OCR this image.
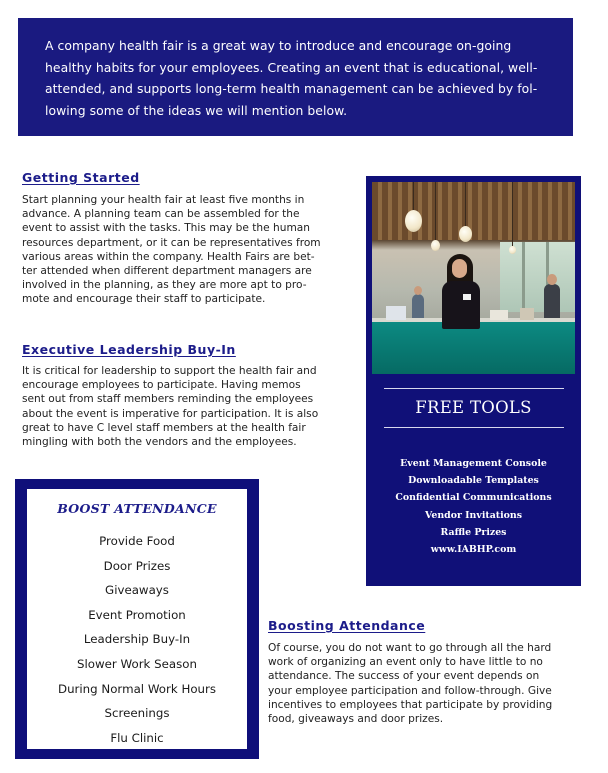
A company health fair is a great way to introduce and encourage on-going
healthy habits for your employees. Creating an event that is educational, well-
attended, and supports long-term health management can be achieved by fol-
lowing some of the ideas we will mention below.

Getting Started

Start planning your health fair at least five months in
advance. A planning team can be assembled for the
event to assist with the tasks. This may be the human
resources department, or it can be representatives from
various areas within the company. Health Fairs are bet-
ter attended when different department managers are
involved in the planning, as they are more apt to pro-
mote and encourage their staff to participate.

Executive Leadership Buy-In

It is critical for leadership to support the health fair and
encourage employees to participate. Having memos
sent out from staff members reminding the employees
about the event is imperative for participation. It is also
great to have C level staff members at the health fair
mingling with both the vendors and the employees.

FREE TOOLS
Event Management Console
Downloadable Templates
Confidential Communications
Vendor Invitations
Raffle Prizes
www.IABHP.com
BOOST ATTENDANCE
Provide Food
Door Prizes
Giveaways
Event Promotion
Leadership Buy-In
Slower Work Season
During Normal Work Hours
Screenings
Flu Clinic
Boosting Attendance

Of course, you do not want to go through all the hard
work of organizing an event only to have little to no
attendance. The success of your event depends on
your employee participation and follow-through. Give
incentives to employees that participate by providing
food, giveaways and door prizes.
